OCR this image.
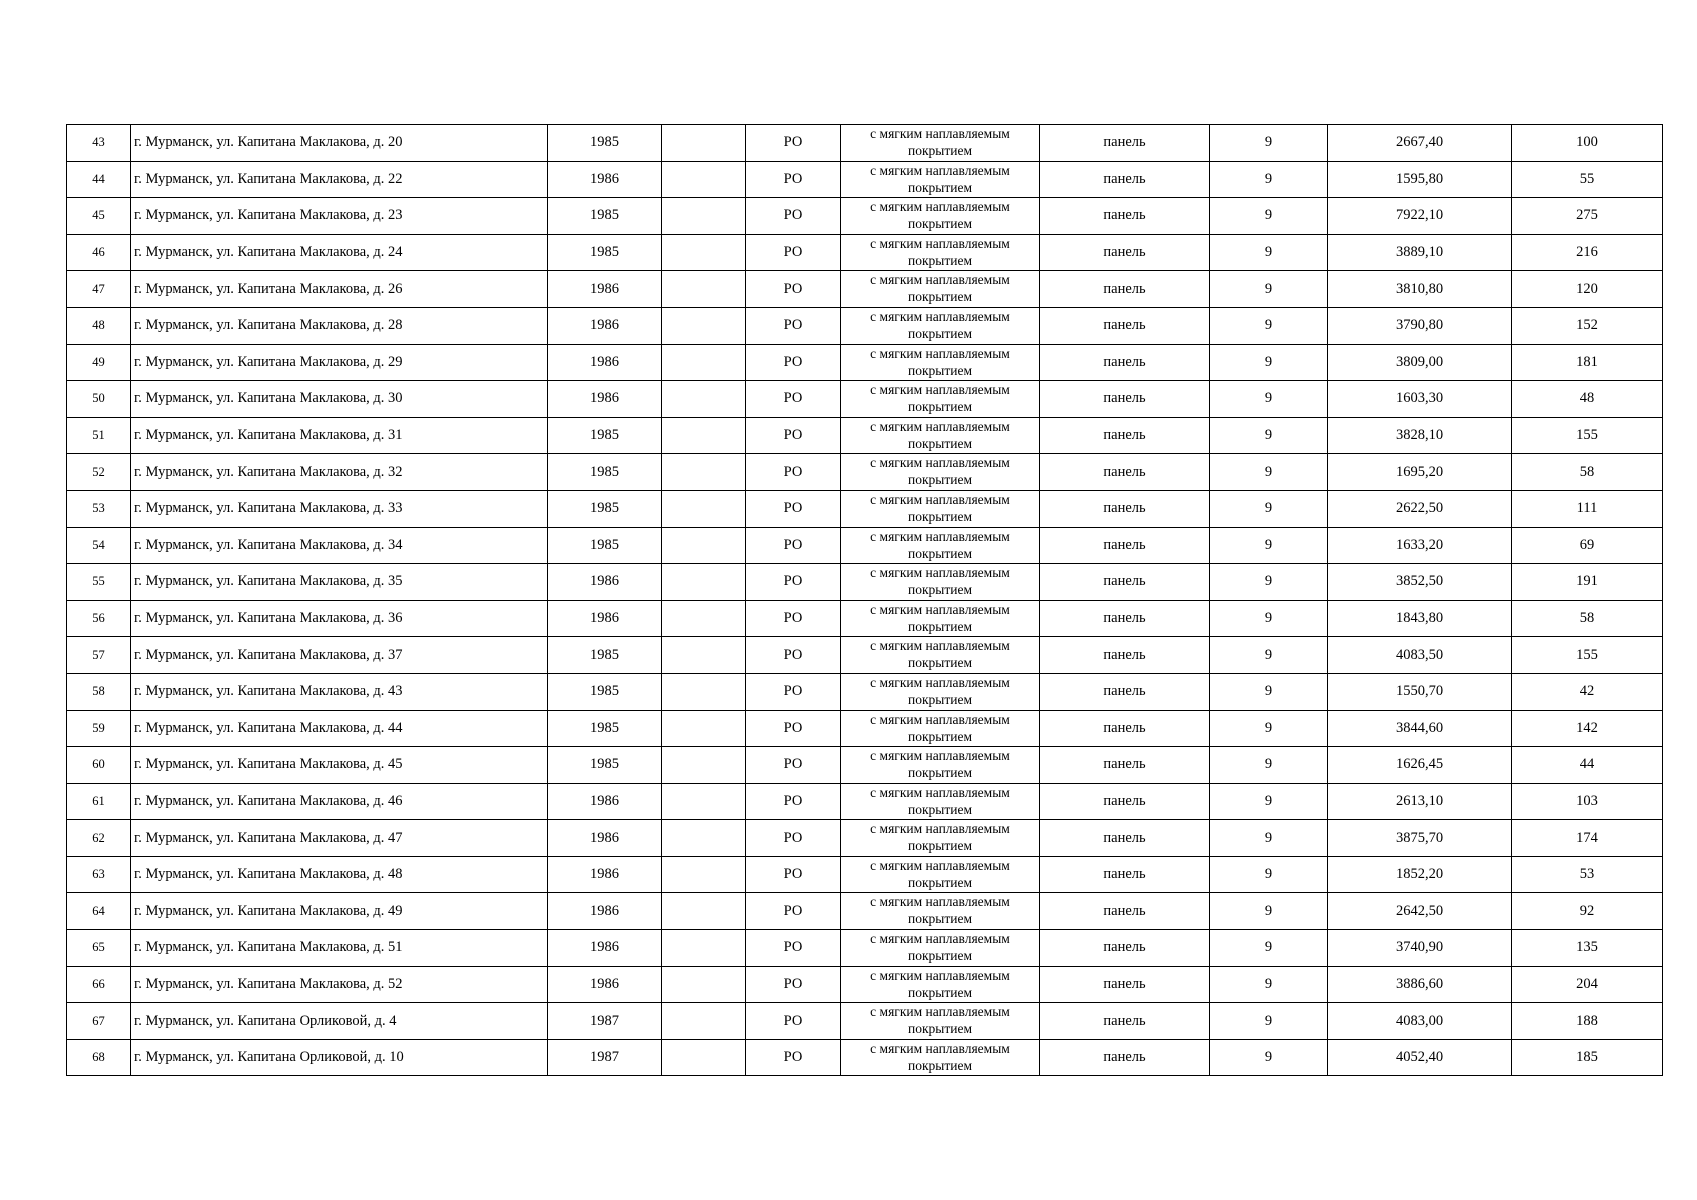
43	г. Мурманск, ул. Капитана Маклакова, д. 20	1985		РО	с мягким наплавляемым покрытием	панель	9	2667,40	100
44	г. Мурманск, ул. Капитана Маклакова, д. 22	1986		РО	с мягким наплавляемым покрытием	панель	9	1595,80	55
45	г. Мурманск, ул. Капитана Маклакова, д. 23	1985		РО	с мягким наплавляемым покрытием	панель	9	7922,10	275
46	г. Мурманск, ул. Капитана Маклакова, д. 24	1985		РО	с мягким наплавляемым покрытием	панель	9	3889,10	216
47	г. Мурманск, ул. Капитана Маклакова, д. 26	1986		РО	с мягким наплавляемым покрытием	панель	9	3810,80	120
48	г. Мурманск, ул. Капитана Маклакова, д. 28	1986		РО	с мягким наплавляемым покрытием	панель	9	3790,80	152
49	г. Мурманск, ул. Капитана Маклакова, д. 29	1986		РО	с мягким наплавляемым покрытием	панель	9	3809,00	181
50	г. Мурманск, ул. Капитана Маклакова, д. 30	1986		РО	с мягким наплавляемым покрытием	панель	9	1603,30	48
51	г. Мурманск, ул. Капитана Маклакова, д. 31	1985		РО	с мягким наплавляемым покрытием	панель	9	3828,10	155
52	г. Мурманск, ул. Капитана Маклакова, д. 32	1985		РО	с мягким наплавляемым покрытием	панель	9	1695,20	58
53	г. Мурманск, ул. Капитана Маклакова, д. 33	1985		РО	с мягким наплавляемым покрытием	панель	9	2622,50	111
54	г. Мурманск, ул. Капитана Маклакова, д. 34	1985		РО	с мягким наплавляемым покрытием	панель	9	1633,20	69
55	г. Мурманск, ул. Капитана Маклакова, д. 35	1986		РО	с мягким наплавляемым покрытием	панель	9	3852,50	191
56	г. Мурманск, ул. Капитана Маклакова, д. 36	1986		РО	с мягким наплавляемым покрытием	панель	9	1843,80	58
57	г. Мурманск, ул. Капитана Маклакова, д. 37	1985		РО	с мягким наплавляемым покрытием	панель	9	4083,50	155
58	г. Мурманск, ул. Капитана Маклакова, д. 43	1985		РО	с мягким наплавляемым покрытием	панель	9	1550,70	42
59	г. Мурманск, ул. Капитана Маклакова, д. 44	1985		РО	с мягким наплавляемым покрытием	панель	9	3844,60	142
60	г. Мурманск, ул. Капитана Маклакова, д. 45	1985		РО	с мягким наплавляемым покрытием	панель	9	1626,45	44
61	г. Мурманск, ул. Капитана Маклакова, д. 46	1986		РО	с мягким наплавляемым покрытием	панель	9	2613,10	103
62	г. Мурманск, ул. Капитана Маклакова, д. 47	1986		РО	с мягким наплавляемым покрытием	панель	9	3875,70	174
63	г. Мурманск, ул. Капитана Маклакова, д. 48	1986		РО	с мягким наплавляемым покрытием	панель	9	1852,20	53
64	г. Мурманск, ул. Капитана Маклакова, д. 49	1986		РО	с мягким наплавляемым покрытием	панель	9	2642,50	92
65	г. Мурманск, ул. Капитана Маклакова, д. 51	1986		РО	с мягким наплавляемым покрытием	панель	9	3740,90	135
66	г. Мурманск, ул. Капитана Маклакова, д. 52	1986		РО	с мягким наплавляемым покрытием	панель	9	3886,60	204
67	г. Мурманск, ул. Капитана Орликовой, д. 4	1987		РО	с мягким наплавляемым покрытием	панель	9	4083,00	188
68	г. Мурманск, ул. Капитана Орликовой, д. 10	1987		РО	с мягким наплавляемым покрытием	панель	9	4052,40	185
